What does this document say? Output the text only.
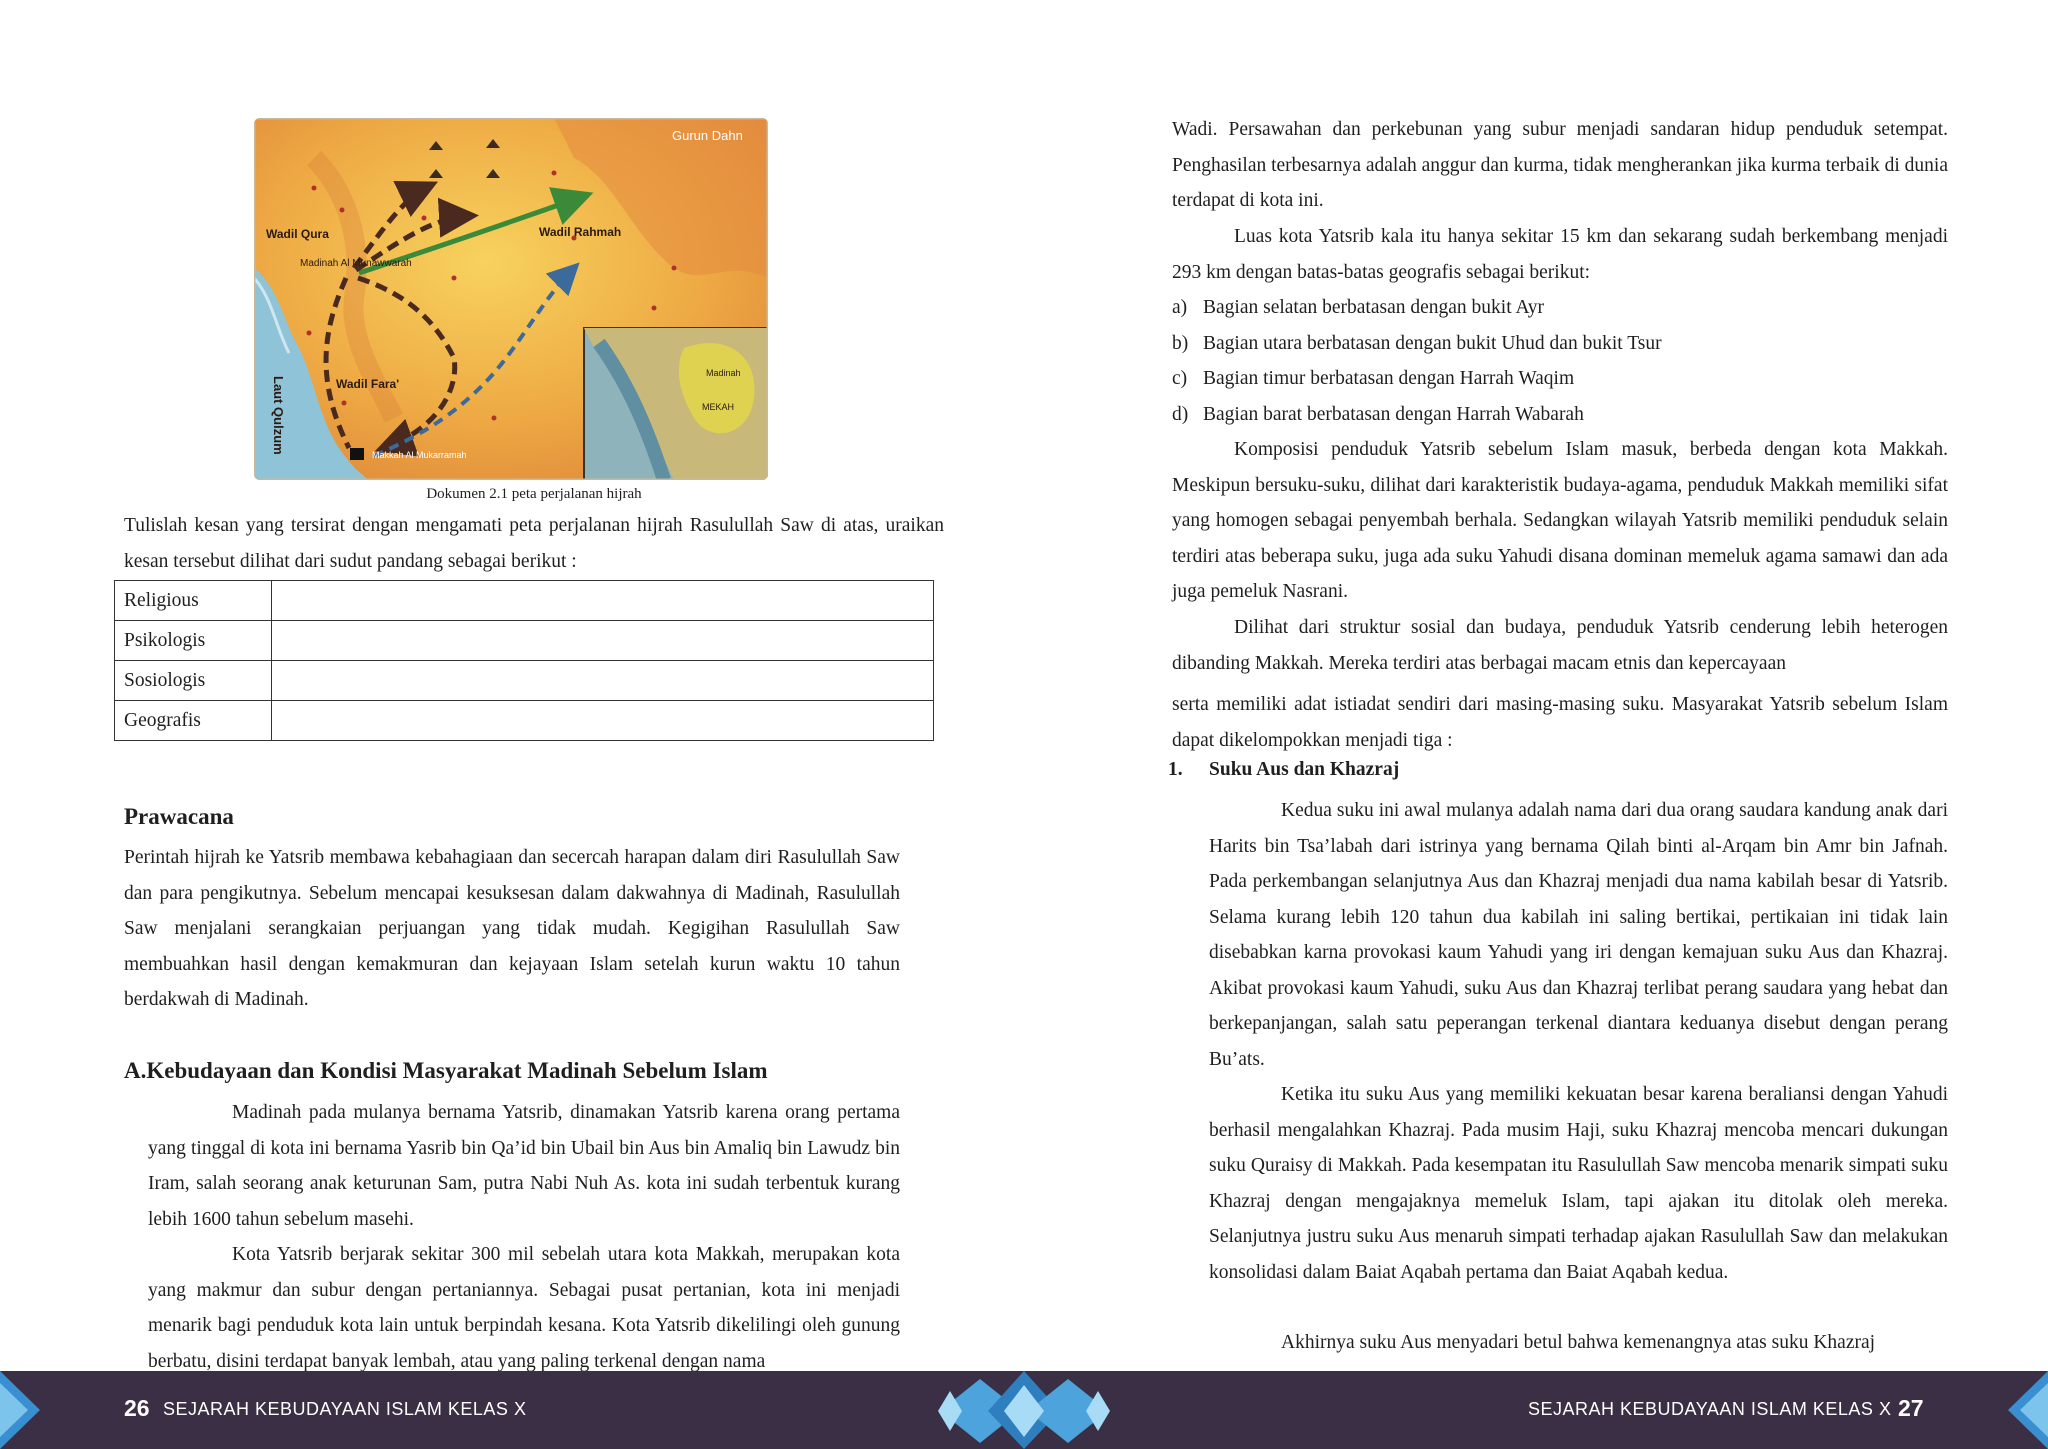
Gurun Dahn
Wadil Qura	Wadil Rahmah
Madinah Al Munawwarah
Laut Qulzum	Wadil Fara'
Makkah Al Mukarramah
Madinah
MEKAH
Dokumen 2.1 peta perjalanan hijrah
Tulislah kesan yang tersirat dengan mengamati peta perjalanan hijrah Rasulullah Saw di atas, uraikan kesan tersebut dilihat dari sudut pandang sebagai berikut :
Religious	
Psikologis	
Sosiologis	
Geografis	
Prawacana
Perintah hijrah ke Yatsrib membawa kebahagiaan dan secercah harapan dalam diri Rasulullah Saw dan para pengikutnya. Sebelum mencapai kesuksesan dalam dakwahnya di Madinah, Rasulullah Saw menjalani serangkaian perjuangan yang tidak mudah. Kegigihan Rasulullah Saw membuahkan hasil dengan kemakmuran dan kejayaan Islam setelah kurun waktu 10 tahun berdakwah di Madinah.
A.Kebudayaan dan Kondisi Masyarakat Madinah Sebelum Islam
Madinah pada mulanya bernama Yatsrib, dinamakan Yatsrib karena orang pertama yang tinggal di kota ini bernama Yasrib bin Qa’id bin Ubail bin Aus bin Amaliq bin Lawudz bin Iram, salah seorang anak keturunan Sam, putra Nabi Nuh As. kota ini sudah terbentuk kurang lebih 1600 tahun sebelum masehi.
Kota Yatsrib berjarak sekitar 300 mil sebelah utara kota Makkah, merupakan kota yang makmur dan subur dengan pertaniannya. Sebagai pusat pertanian, kota ini menjadi menarik bagi penduduk kota lain untuk berpindah kesana. Kota Yatsrib dikelilingi oleh gunung berbatu, disini terdapat banyak lembah, atau yang paling terkenal dengan nama
Wadi. Persawahan dan perkebunan yang subur menjadi sandaran hidup penduduk setempat. Penghasilan terbesarnya adalah anggur dan kurma, tidak mengherankan jika kurma terbaik di dunia terdapat di kota ini.
Luas kota Yatsrib kala itu hanya sekitar 15 km dan sekarang sudah berkembang menjadi 293 km dengan batas-batas geografis sebagai berikut:
a) Bagian selatan berbatasan dengan bukit Ayr
b) Bagian utara berbatasan dengan bukit Uhud dan bukit Tsur
c) Bagian timur berbatasan dengan Harrah Waqim
d) Bagian barat berbatasan dengan Harrah Wabarah
Komposisi penduduk Yatsrib sebelum Islam masuk, berbeda dengan kota Makkah. Meskipun bersuku-suku, dilihat dari karakteristik budaya-agama, penduduk Makkah memiliki sifat yang homogen sebagai penyembah berhala. Sedangkan wilayah Yatsrib memiliki penduduk selain terdiri atas beberapa suku, juga ada suku Yahudi disana dominan memeluk agama samawi dan ada juga pemeluk Nasrani.
Dilihat dari struktur sosial dan budaya, penduduk Yatsrib cenderung lebih heterogen dibanding Makkah. Mereka terdiri atas berbagai macam etnis dan kepercayaan
serta memiliki adat istiadat sendiri dari masing-masing suku. Masyarakat Yatsrib sebelum Islam dapat dikelompokkan menjadi tiga :
1. Suku Aus dan Khazraj
Kedua suku ini awal mulanya adalah nama dari dua orang saudara kandung anak dari Harits bin Tsa’labah dari istrinya yang bernama Qilah binti al-Arqam bin Amr bin Jafnah. Pada perkembangan selanjutnya Aus dan Khazraj menjadi dua nama kabilah besar di Yatsrib. Selama kurang lebih 120 tahun dua kabilah ini saling bertikai, pertikaian ini tidak lain disebabkan karna provokasi kaum Yahudi yang iri dengan kemajuan suku Aus dan Khazraj. Akibat provokasi kaum Yahudi, suku Aus dan Khazraj terlibat perang saudara yang hebat dan berkepanjangan, salah satu peperangan terkenal diantara keduanya disebut dengan perang Bu’ats.
Ketika itu suku Aus yang memiliki kekuatan besar karena beraliansi dengan Yahudi berhasil mengalahkan Khazraj. Pada musim Haji, suku Khazraj mencoba mencari dukungan suku Quraisy di Makkah. Pada kesempatan itu Rasulullah Saw mencoba menarik simpati suku Khazraj dengan mengajaknya memeluk Islam, tapi ajakan itu ditolak oleh mereka. Selanjutnya justru suku Aus menaruh simpati terhadap ajakan Rasulullah Saw dan melakukan konsolidasi dalam Baiat Aqabah pertama dan Baiat Aqabah kedua.
Akhirnya suku Aus menyadari betul bahwa kemenangnya atas suku Khazraj
26 SEJARAH KEBUDAYAAN ISLAM KELAS X	SEJARAH KEBUDAYAAN ISLAM KELAS X 27
